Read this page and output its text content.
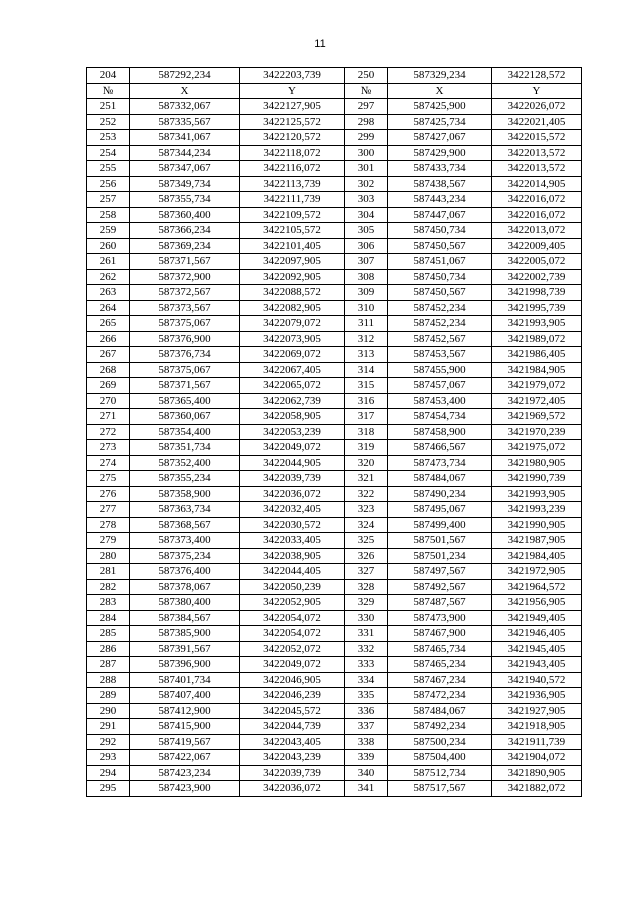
11
204	587292,234	3422203,739	250	587329,234	3422128,572
№	X	Y	№	X	Y
251	587332,067	3422127,905	297	587425,900	3422026,072
252	587335,567	3422125,572	298	587425,734	3422021,405
253	587341,067	3422120,572	299	587427,067	3422015,572
254	587344,234	3422118,072	300	587429,900	3422013,572
255	587347,067	3422116,072	301	587433,734	3422013,572
256	587349,734	3422113,739	302	587438,567	3422014,905
257	587355,734	3422111,739	303	587443,234	3422016,072
258	587360,400	3422109,572	304	587447,067	3422016,072
259	587366,234	3422105,572	305	587450,734	3422013,072
260	587369,234	3422101,405	306	587450,567	3422009,405
261	587371,567	3422097,905	307	587451,067	3422005,072
262	587372,900	3422092,905	308	587450,734	3422002,739
263	587372,567	3422088,572	309	587450,567	3421998,739
264	587373,567	3422082,905	310	587452,234	3421995,739
265	587375,067	3422079,072	311	587452,234	3421993,905
266	587376,900	3422073,905	312	587452,567	3421989,072
267	587376,734	3422069,072	313	587453,567	3421986,405
268	587375,067	3422067,405	314	587455,900	3421984,905
269	587371,567	3422065,072	315	587457,067	3421979,072
270	587365,400	3422062,739	316	587453,400	3421972,405
271	587360,067	3422058,905	317	587454,734	3421969,572
272	587354,400	3422053,239	318	587458,900	3421970,239
273	587351,734	3422049,072	319	587466,567	3421975,072
274	587352,400	3422044,905	320	587473,734	3421980,905
275	587355,234	3422039,739	321	587484,067	3421990,739
276	587358,900	3422036,072	322	587490,234	3421993,905
277	587363,734	3422032,405	323	587495,067	3421993,239
278	587368,567	3422030,572	324	587499,400	3421990,905
279	587373,400	3422033,405	325	587501,567	3421987,905
280	587375,234	3422038,905	326	587501,234	3421984,405
281	587376,400	3422044,405	327	587497,567	3421972,905
282	587378,067	3422050,239	328	587492,567	3421964,572
283	587380,400	3422052,905	329	587487,567	3421956,905
284	587384,567	3422054,072	330	587473,900	3421949,405
285	587385,900	3422054,072	331	587467,900	3421946,405
286	587391,567	3422052,072	332	587465,734	3421945,405
287	587396,900	3422049,072	333	587465,234	3421943,405
288	587401,734	3422046,905	334	587467,234	3421940,572
289	587407,400	3422046,239	335	587472,234	3421936,905
290	587412,900	3422045,572	336	587484,067	3421927,905
291	587415,900	3422044,739	337	587492,234	3421918,905
292	587419,567	3422043,405	338	587500,234	3421911,739
293	587422,067	3422043,239	339	587504,400	3421904,072
294	587423,234	3422039,739	340	587512,734	3421890,905
295	587423,900	3422036,072	341	587517,567	3421882,072
